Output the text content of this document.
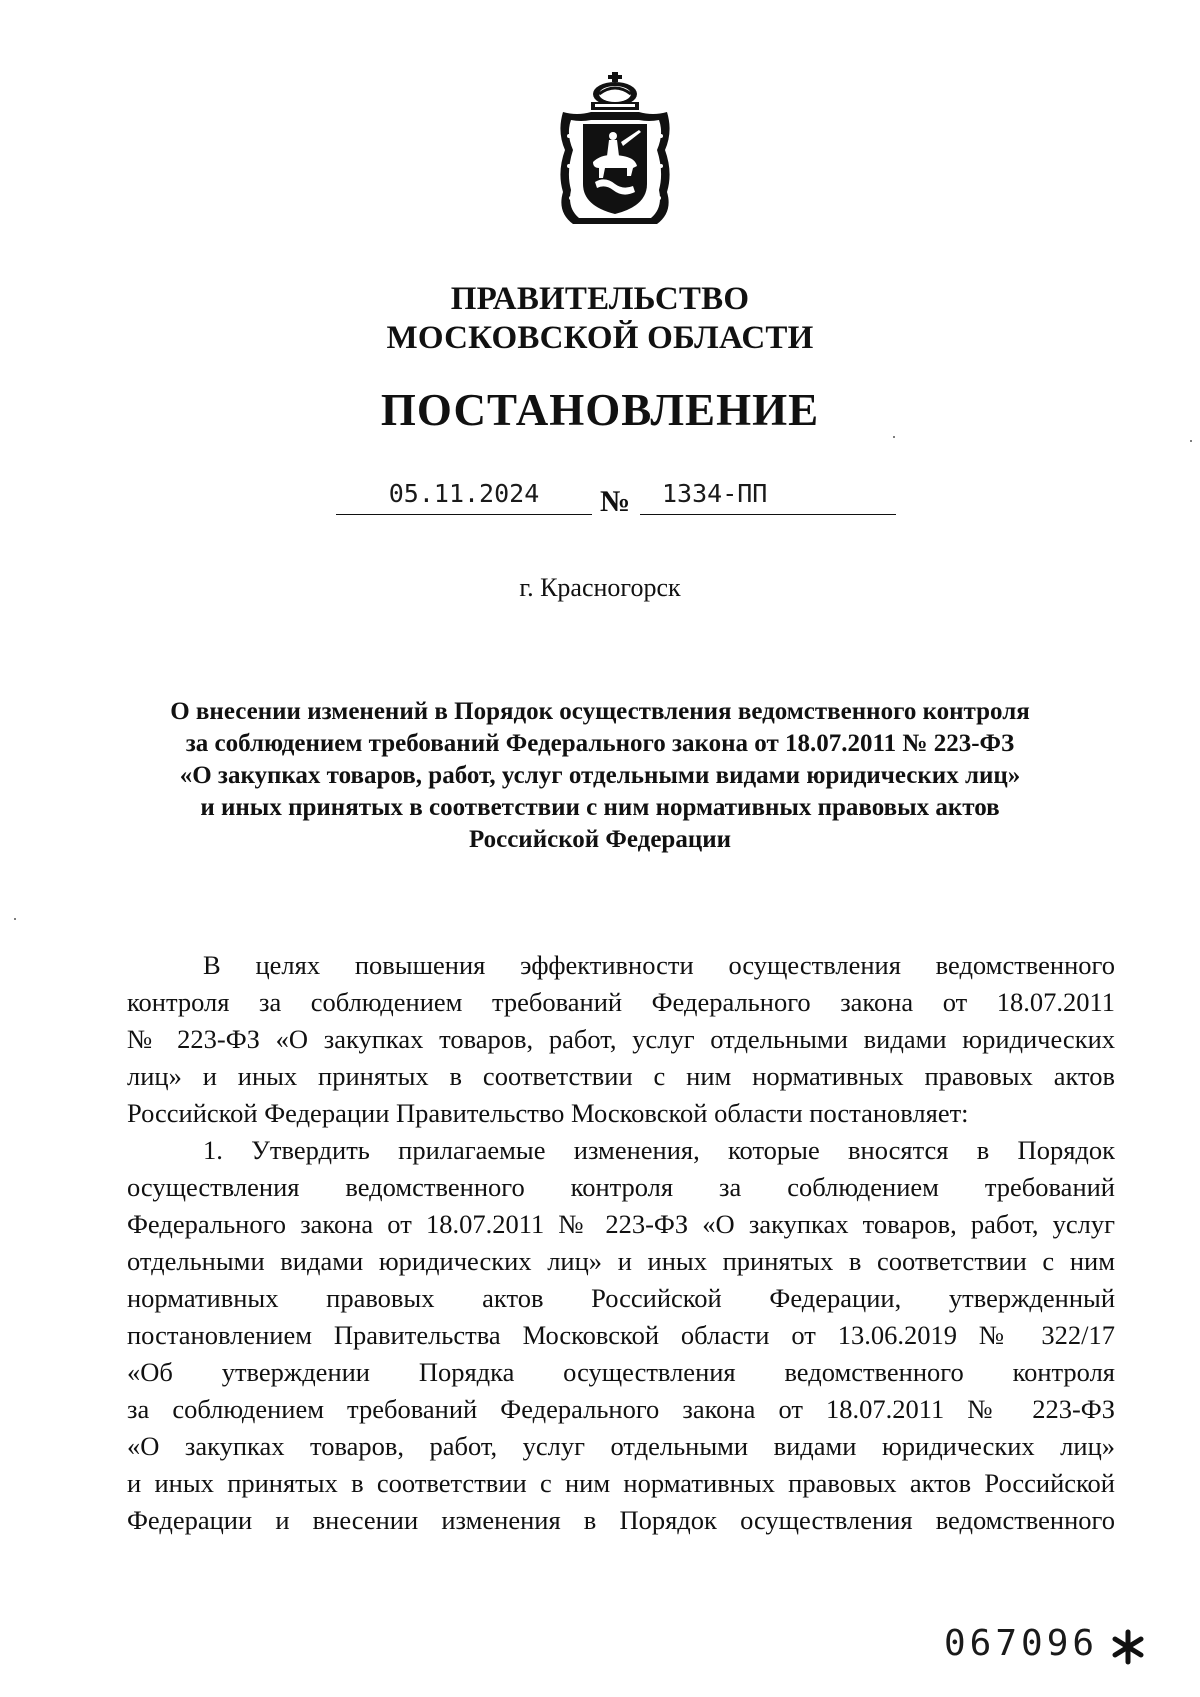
ПРАВИТЕЛЬСТВО
МОСКОВСКОЙ ОБЛАСТИ
ПОСТАНОВЛЕНИЕ
05.11.2024	№ 1334-ПП
г. Красногорск
О внесении изменений в Порядок осуществления ведомственного контроля
за соблюдением требований Федерального закона от 18.07.2011 № 223-ФЗ
«О закупках товаров, работ, услуг отдельными видами юридических лиц»
и иных принятых в соответствии с ним нормативных правовых актов
Российской Федерации
В целях повышения эффективности осуществления ведомственного
контроля за соблюдением требований Федерального закона от 18.07.2011
№ 223-ФЗ «О закупках товаров, работ, услуг отдельными видами юридических
лиц» и иных принятых в соответствии с ним нормативных правовых актов
Российской Федерации Правительство Московской области постановляет:
1. Утвердить прилагаемые изменения, которые вносятся в Порядок
осуществления ведомственного контроля за соблюдением требований
Федерального закона от 18.07.2011 № 223-ФЗ «О закупках товаров, работ, услуг
отдельными видами юридических лиц» и иных принятых в соответствии с ним
нормативных правовых актов Российской Федерации, утвержденный
постановлением Правительства Московской области от 13.06.2019 № 322/17
«Об утверждении Порядка осуществления ведомственного контроля
за соблюдением требований Федерального закона от 18.07.2011 № 223-ФЗ
«О закупках товаров, работ, услуг отдельными видами юридических лиц»
и иных принятых в соответствии с ним нормативных правовых актов Российской
Федерации и внесении изменения в Порядок осуществления ведомственного
067096
